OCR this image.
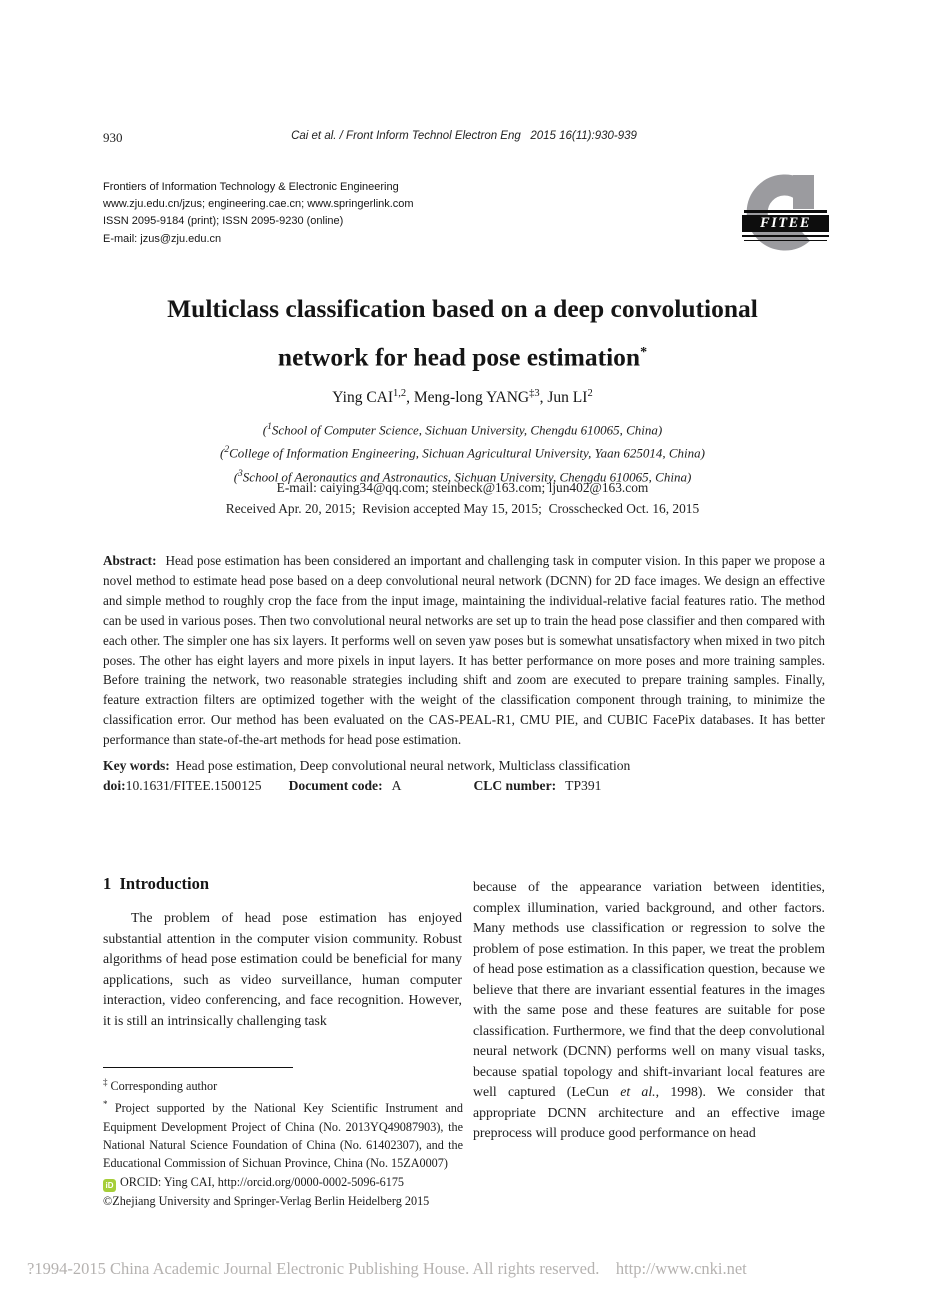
930	Cai et al. / Front Inform Technol Electron Eng   2015 16(11):930-939
Frontiers of Information Technology & Electronic Engineering
www.zju.edu.cn/jzus; engineering.cae.cn; www.springerlink.com
ISSN 2095-9184 (print); ISSN 2095-9230 (online)
E-mail: jzus@zju.edu.cn
FITEE
Multiclass classification based on a deep convolutional
network for head pose estimation*
Ying CAI$^{1,2}$, Meng-long YANG$^{\ddagger 3}$, Jun $LI^2$
($^1$School of Computer Science, Sichuan University, Chengdu 610065, China)
($^2$College of Information Engineering, Sichuan Agricultural University, Yaan 625014, China)
($^3$School of Aeronautics and Astronautics, Sichuan University, Chengdu 610065, China)
E-mail: caiying34@qq.com; steinbeck@163.com; ljun402@163.com
Received Apr. 20, 2015;  Revision accepted May 15, 2015;  Crosschecked Oct. 16, 2015
Abstract: Head pose estimation has been considered an important and challenging task in computer vision. In this paper we propose a novel method to estimate head pose based on a deep convolutional neural network (DCNN) for 2D face images. We design an effective and simple method to roughly crop the face from the input image, maintaining the individual-relative facial features ratio. The method can be used in various poses. Then two convolutional neural networks are set up to train the head pose classifier and then compared with each other. The simpler one has six layers. It performs well on seven yaw poses but is somewhat unsatisfactory when mixed in two pitch poses. The other has eight layers and more pixels in input layers. It has better performance on more poses and more training samples. Before training the network, two reasonable strategies including shift and zoom are executed to prepare training samples. Finally, feature extraction filters are optimized together with the weight of the classification component through training, to minimize the classification error. Our method has been evaluated on the CAS-PEAL-R1, CMU PIE, and CUBIC FacePix databases. It has better performance than state-of-the-art methods for head pose estimation.
Key words: Head pose estimation, Deep convolutional neural network, Multiclass classification
doi:10.1631/FITEE.1500125 Document code: A	CLC number: TP391
1  Introduction

The problem of head pose estimation has enjoyed substantial attention in the computer vision community. Robust algorithms of head pose estimation could be beneficial for many applications, such as video surveillance, human computer interaction, video conferencing, and face recognition. However, it is still an intrinsically challenging task

because of the appearance variation between identities, complex illumination, varied background, and other factors. Many methods use classification or regression to solve the problem of pose estimation. In this paper, we treat the problem of head pose estimation as a classification question, because we believe that there are invariant essential features in the images with the same pose and these features are suitable for pose classification. Furthermore, we find that the deep convolutional neural network (DCNN) performs well on many visual tasks, because spatial topology and shift-invariant local features are well captured (LeCun et al., 1998). We consider that appropriate DCNN architecture and an effective image preprocess will produce good performance on head

‡ Corresponding author
* Project supported by the National Key Scientific Instrument and Equipment Development Project of China (No. 2013YQ49087903), the National Natural Science Foundation of China (No. 61402307), and the Educational Commission of Sichuan Province, China (No. 15ZA0007)
iD ORCID: Ying CAI, http://orcid.org/0000-0002-5096-6175
©Zhejiang University and Springer-Verlag Berlin Heidelberg 2015
?1994-2015 China Academic Journal Electronic Publishing House. All rights reserved.    http://www.cnki.net
